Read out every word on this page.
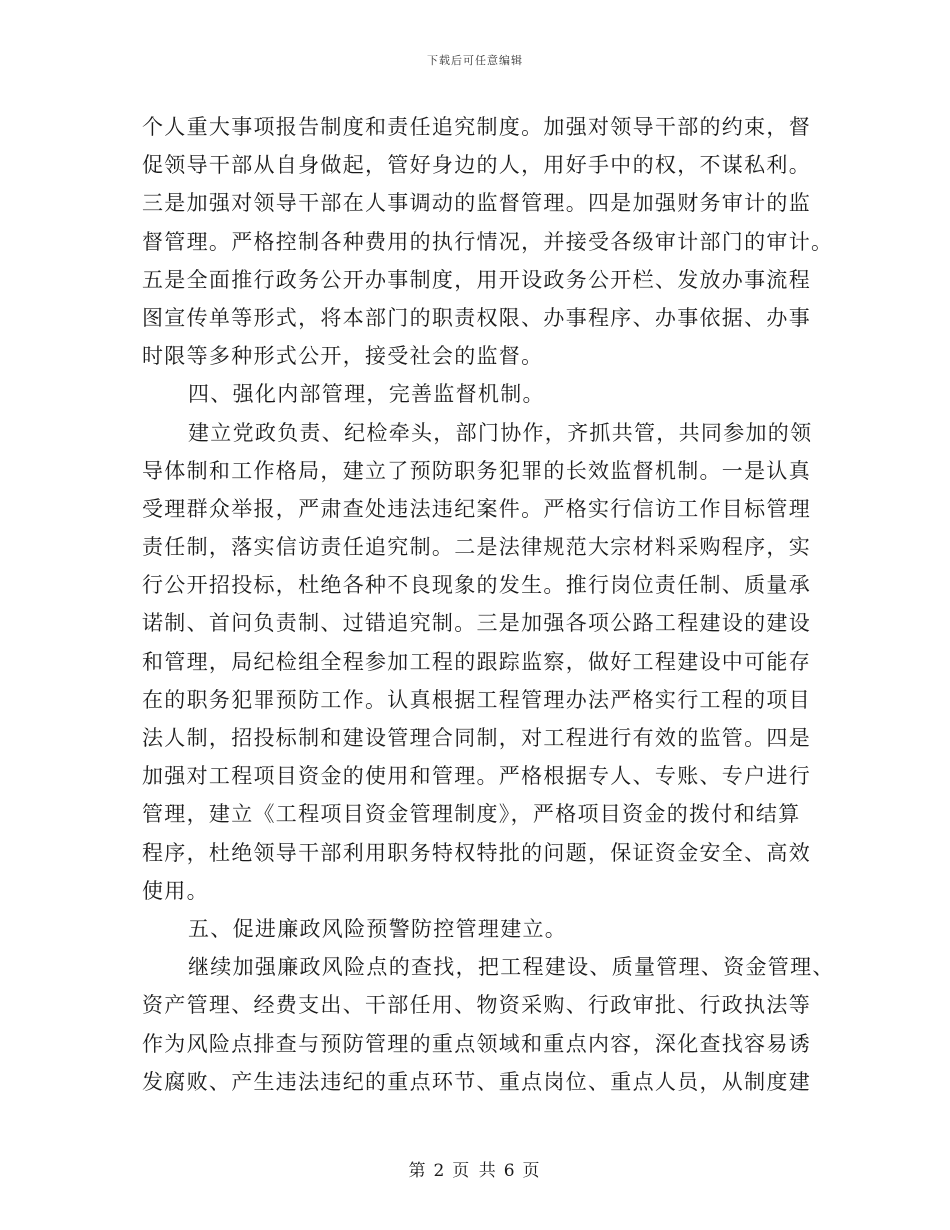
下载后可任意编辑
个人重大事项报告制度和责任追究制度。加强对领导干部的约束，督
促领导干部从自身做起，管好身边的人，用好手中的权，不谋私利。
三是加强对领导干部在人事调动的监督管理。四是加强财务审计的监
督管理。严格控制各种费用的执行情况，并接受各级审计部门的审计。
五是全面推行政务公开办事制度，用开设政务公开栏、发放办事流程
图宣传单等形式，将本部门的职责权限、办事程序、办事依据、办事
时限等多种形式公开，接受社会的监督。
四、强化内部管理，完善监督机制。
建立党政负责、纪检牵头，部门协作，齐抓共管，共同参加的领
导体制和工作格局，建立了预防职务犯罪的长效监督机制。一是认真
受理群众举报，严肃查处违法违纪案件。严格实行信访工作目标管理
责任制，落实信访责任追究制。二是法律规范大宗材料采购程序，实
行公开招投标，杜绝各种不良现象的发生。推行岗位责任制、质量承
诺制、首问负责制、过错追究制。三是加强各项公路工程建设的建设
和管理，局纪检组全程参加工程的跟踪监察，做好工程建设中可能存
在的职务犯罪预防工作。认真根据工程管理办法严格实行工程的项目
法人制，招投标制和建设管理合同制，对工程进行有效的监管。四是
加强对工程项目资金的使用和管理。严格根据专人、专账、专户进行
管理，建立《工程项目资金管理制度》，严格项目资金的拨付和结算
程序，杜绝领导干部利用职务特权特批的问题，保证资金安全、高效
使用。
五、促进廉政风险预警防控管理建立。
继续加强廉政风险点的查找，把工程建设、质量管理、资金管理、
资产管理、经费支出、干部任用、物资采购、行政审批、行政执法等
作为风险点排查与预防管理的重点领域和重点内容，深化查找容易诱
发腐败、产生违法违纪的重点环节、重点岗位、重点人员，从制度建
第 2 页 共 6 页
